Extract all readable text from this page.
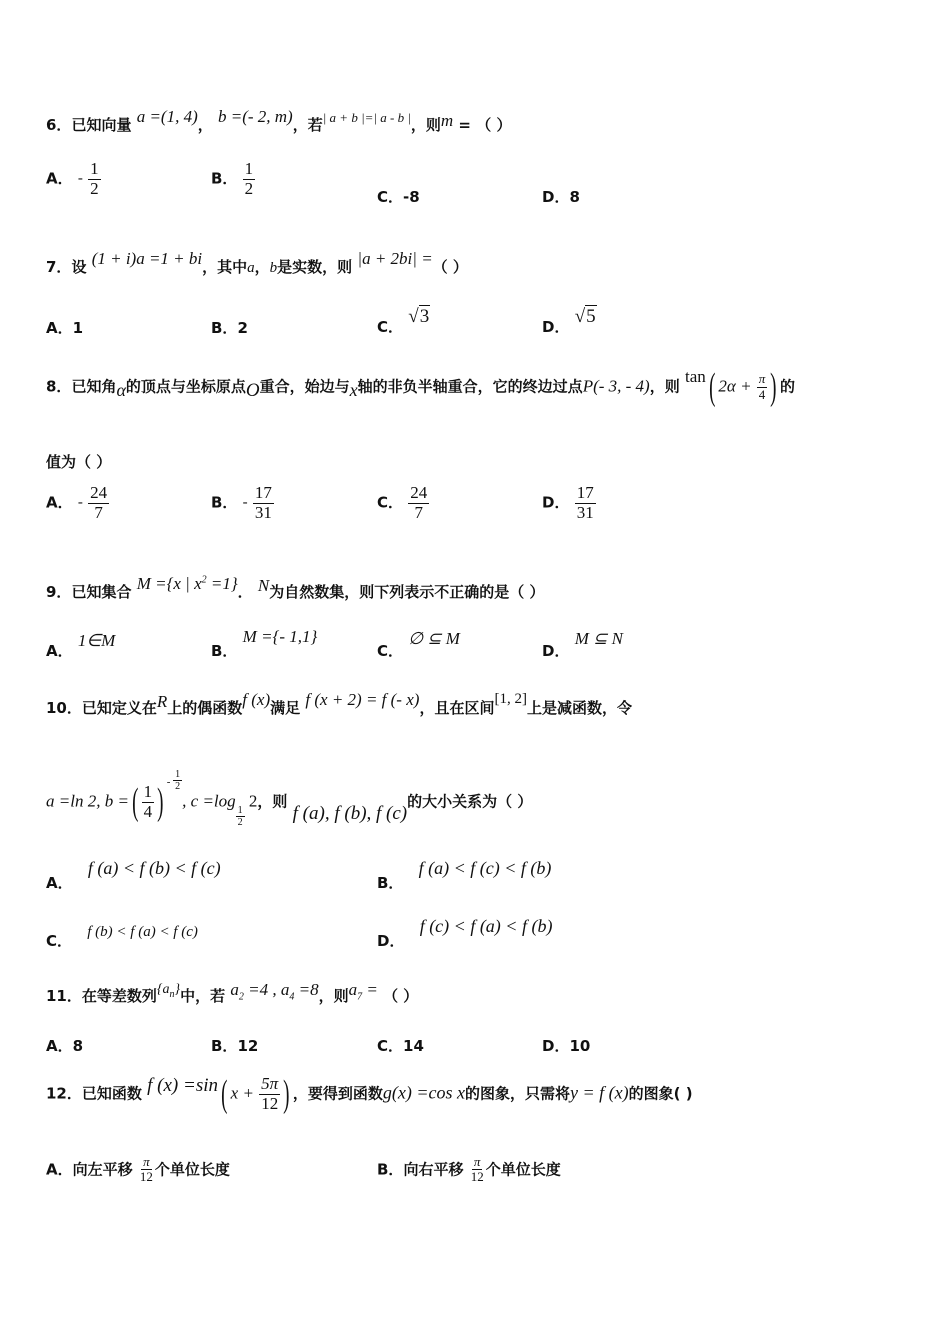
6．已知向量 a =(1, 4)， b =(- 2, m)，若| a + b |=| a - b |，则m = （ ）
A． - $\frac{1}{2}$	B． $\frac{1}{2}$	C．-8	D．8
7．设 (1 + i)a =1 + bi，其中a，b是实数，则 |a + 2bi| =（ ）
A．1	B．2	C． √3	D． √5
8．已知角α的顶点与坐标原点O重合，始边与x轴的非负半轴重合，它的终边过点P(- 3, - 4)，则 tan( $2\alpha + \frac{\pi}{4}$ ) 的
值为（ ）
A． - $\frac{24}{7}$	B． - $\frac{17}{31}$	C． $\frac{24}{7}$	D． $\frac{17}{31}$
9．已知集合 M ={x | $x^2 =1$}． N为自然数集，则下列表示不正确的是（ ）
A． 1∈M
B． M ={- 1,1}
C． ∅ ⊆ M
D． M ⊆ N
10．已知定义在R上的偶函数f (x)满足 f (x + 2) = f (- x)，且在区间[1, 2]上是减函数，令
a =ln 2, b =( $\frac{1}{4}$ ) $^- \frac{1}{2}$
, c =log
$\frac{1}{2}$
2，则 f (a), f (b), f (c)的大小关系为（ ）
A． f (a) < f (b) < f (c)
B． f (a) < f (c) < f (b)
C． f (b) < f (a) < f (c)	D． f (c) < f (a) < f (b)
11．在等差数列$\{a_n\}$中，若 $a_2 =4$ , $a_4 =8$，则$a_7$ = （ ）
A．8	B．12	C．14	D．10
12．已知函数 f (x) =sin( $x + \frac{5\pi}{12}$ ) ，要得到函数g(x) =cos x的图象，只需将y = f (x)的图象( )
A．向左平移 $\frac{\pi}{12}$ 个单位长度	B．向右平移 $\frac{\pi}{12}$ 个单位长度
